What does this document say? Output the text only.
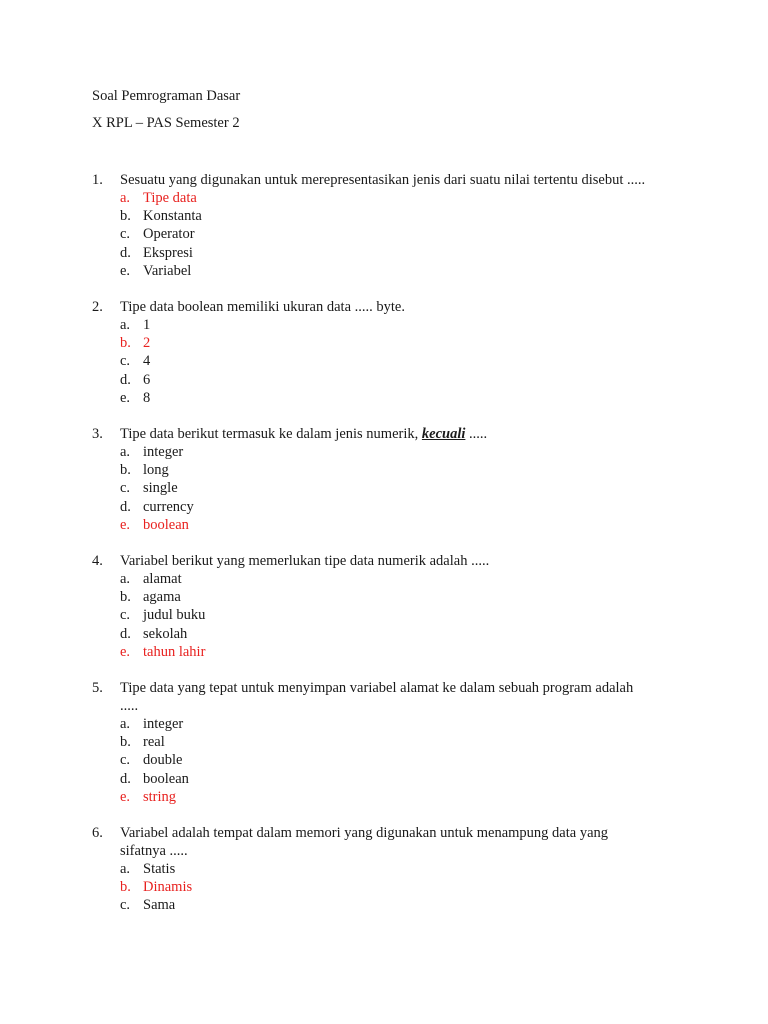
Soal Pemrograman Dasar
X RPL – PAS Semester 2
1.	Sesuatu yang digunakan untuk merepresentasikan jenis dari suatu nilai tertentu disebut .....
a. Tipe data
b. Konstanta
c. Operator
d. Ekspresi
e. Variabel
2.	Tipe data boolean memiliki ukuran data ..... byte.
a. 1
b. 2
c. 4
d. 6
e. 8
3.	Tipe data berikut termasuk ke dalam jenis numerik, kecuali .....
a. integer
b. long
c. single
d. currency
e. boolean
4.	Variabel berikut yang memerlukan tipe data numerik adalah .....
a. alamat
b. agama
c. judul buku
d. sekolah
e. tahun lahir
5.	Tipe data yang tepat untuk menyimpan variabel alamat ke dalam sebuah program adalah .....
a. integer
b. real
c. double
d. boolean
e. string
6.	Variabel adalah tempat dalam memori yang digunakan untuk menampung data yang sifatnya .....
a. Statis
b. Dinamis
c. Sama
